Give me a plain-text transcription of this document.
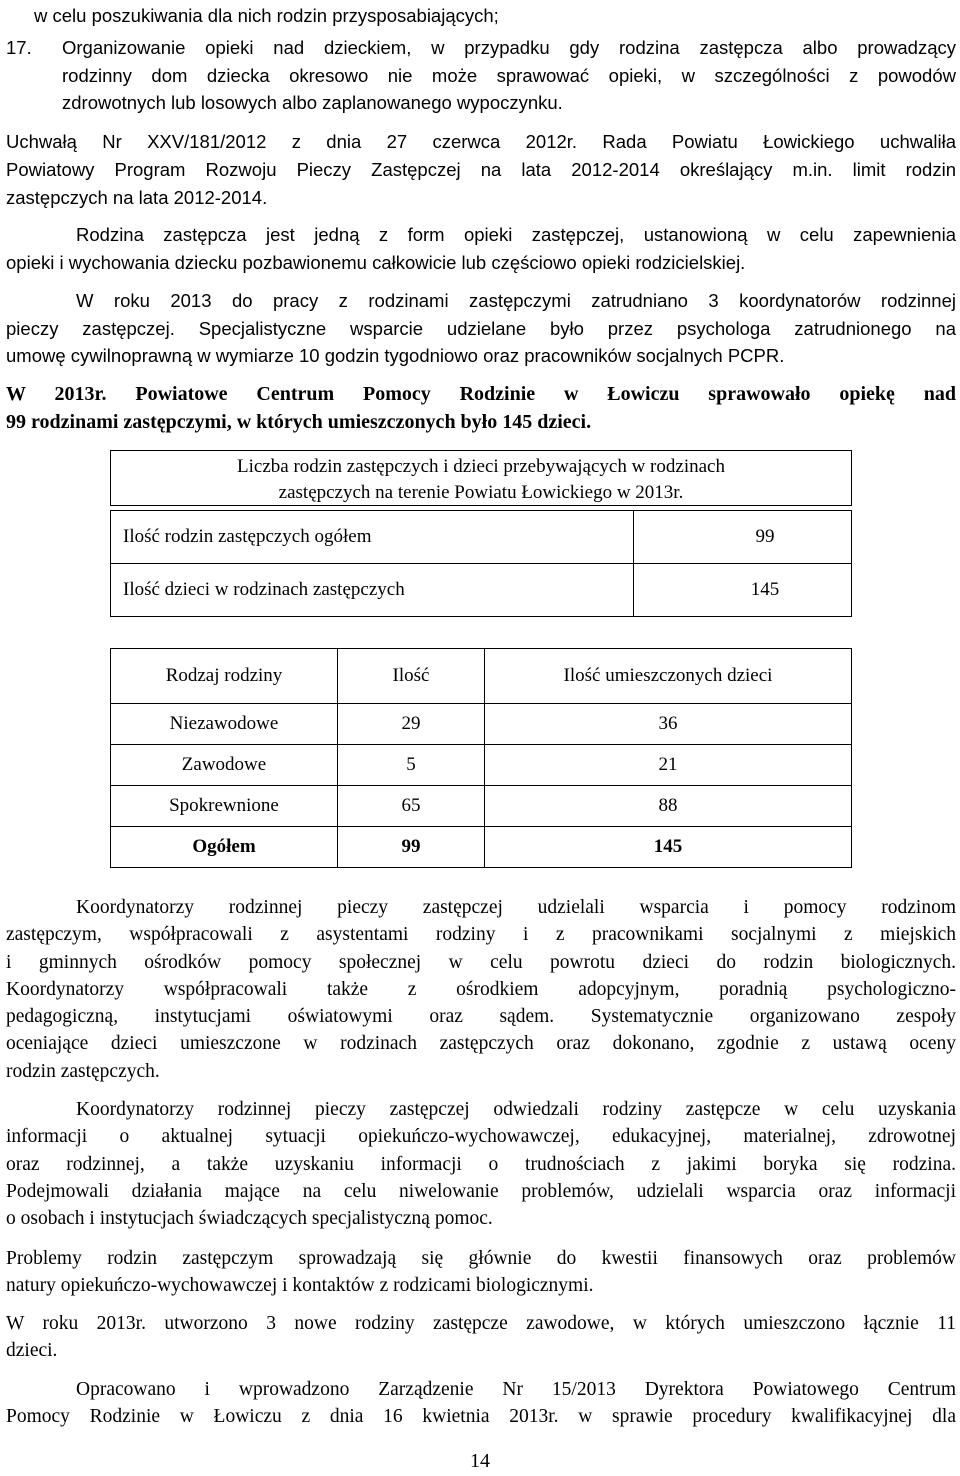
w celu poszukiwania dla nich rodzin przysposabiających;

17. Organizowanie opieki nad dzieckiem, w przypadku gdy rodzina zastępcza albo prowadzący

rodzinny dom dziecka okresowo nie może sprawować opieki, w szczególności z powodów

zdrowotnych lub losowych albo zaplanowanego wypoczynku.

Uchwałą Nr XXV/181/2012 z dnia 27 czerwca 2012r. Rada Powiatu Łowickiego uchwaliła

Powiatowy Program Rozwoju Pieczy Zastępczej na lata 2012-2014 określający m.in. limit rodzin

zastępczych na lata 2012-2014.

Rodzina zastępcza jest jedną z form opieki zastępczej, ustanowioną w celu zapewnienia

opieki i wychowania dziecku pozbawionemu całkowicie lub częściowo opieki rodzicielskiej.

W roku 2013 do pracy z rodzinami zastępczymi zatrudniano 3 koordynatorów rodzinnej

pieczy zastępczej. Specjalistyczne wsparcie udzielane było przez psychologa zatrudnionego na

umowę cywilnoprawną w wymiarze 10 godzin tygodniowo oraz pracowników socjalnych PCPR.

W 2013r. Powiatowe Centrum Pomocy Rodzinie w Łowiczu sprawowało opiekę nad

99 rodzinami zastępczymi, w których umieszczonych było 145 dzieci.

Liczba rodzin zastępczych i dzieci przebywających w rodzinach
zastępczych na terenie Powiatu Łowickiego w 2013r.
Ilość rodzin zastępczych ogółem	99
Ilość dzieci w rodzinach zastępczych	145
Rodzaj rodziny	Ilość	Ilość umieszczonych dzieci
Niezawodowe	29	36
Zawodowe	5	21
Spokrewnione	65	88
Ogółem	99	145

Koordynatorzy rodzinnej pieczy zastępczej udzielali wsparcia i pomocy rodzinom

zastępczym, współpracowali z asystentami rodziny i z pracownikami socjalnymi z miejskich

i gminnych ośrodków pomocy społecznej w celu powrotu dzieci do rodzin biologicznych.

Koordynatorzy współpracowali także z ośrodkiem adopcyjnym, poradnią psychologiczno-

pedagogiczną, instytucjami oświatowymi oraz sądem. Systematycznie organizowano zespoły

oceniające dzieci umieszczone w rodzinach zastępczych oraz dokonano, zgodnie z ustawą oceny

rodzin zastępczych.

Koordynatorzy rodzinnej pieczy zastępczej odwiedzali rodziny zastępcze w celu uzyskania

informacji o aktualnej sytuacji opiekuńczo-wychowawczej, edukacyjnej, materialnej, zdrowotnej

oraz rodzinnej, a także uzyskaniu informacji o trudnościach z jakimi boryka się rodzina.

Podejmowali działania mające na celu niwelowanie problemów, udzielali wsparcia oraz informacji

o osobach i instytucjach świadczących specjalistyczną pomoc.

Problemy rodzin zastępczym sprowadzają się głównie do kwestii finansowych oraz problemów

natury opiekuńczo-wychowawczej i kontaktów z rodzicami biologicznymi.

W roku 2013r. utworzono 3 nowe rodziny zastępcze zawodowe, w których umieszczono łącznie 11

dzieci.

Opracowano i wprowadzono Zarządzenie Nr 15/2013 Dyrektora Powiatowego Centrum

Pomocy Rodzinie w Łowiczu z dnia 16 kwietnia 2013r. w sprawie procedury kwalifikacyjnej dla

14
